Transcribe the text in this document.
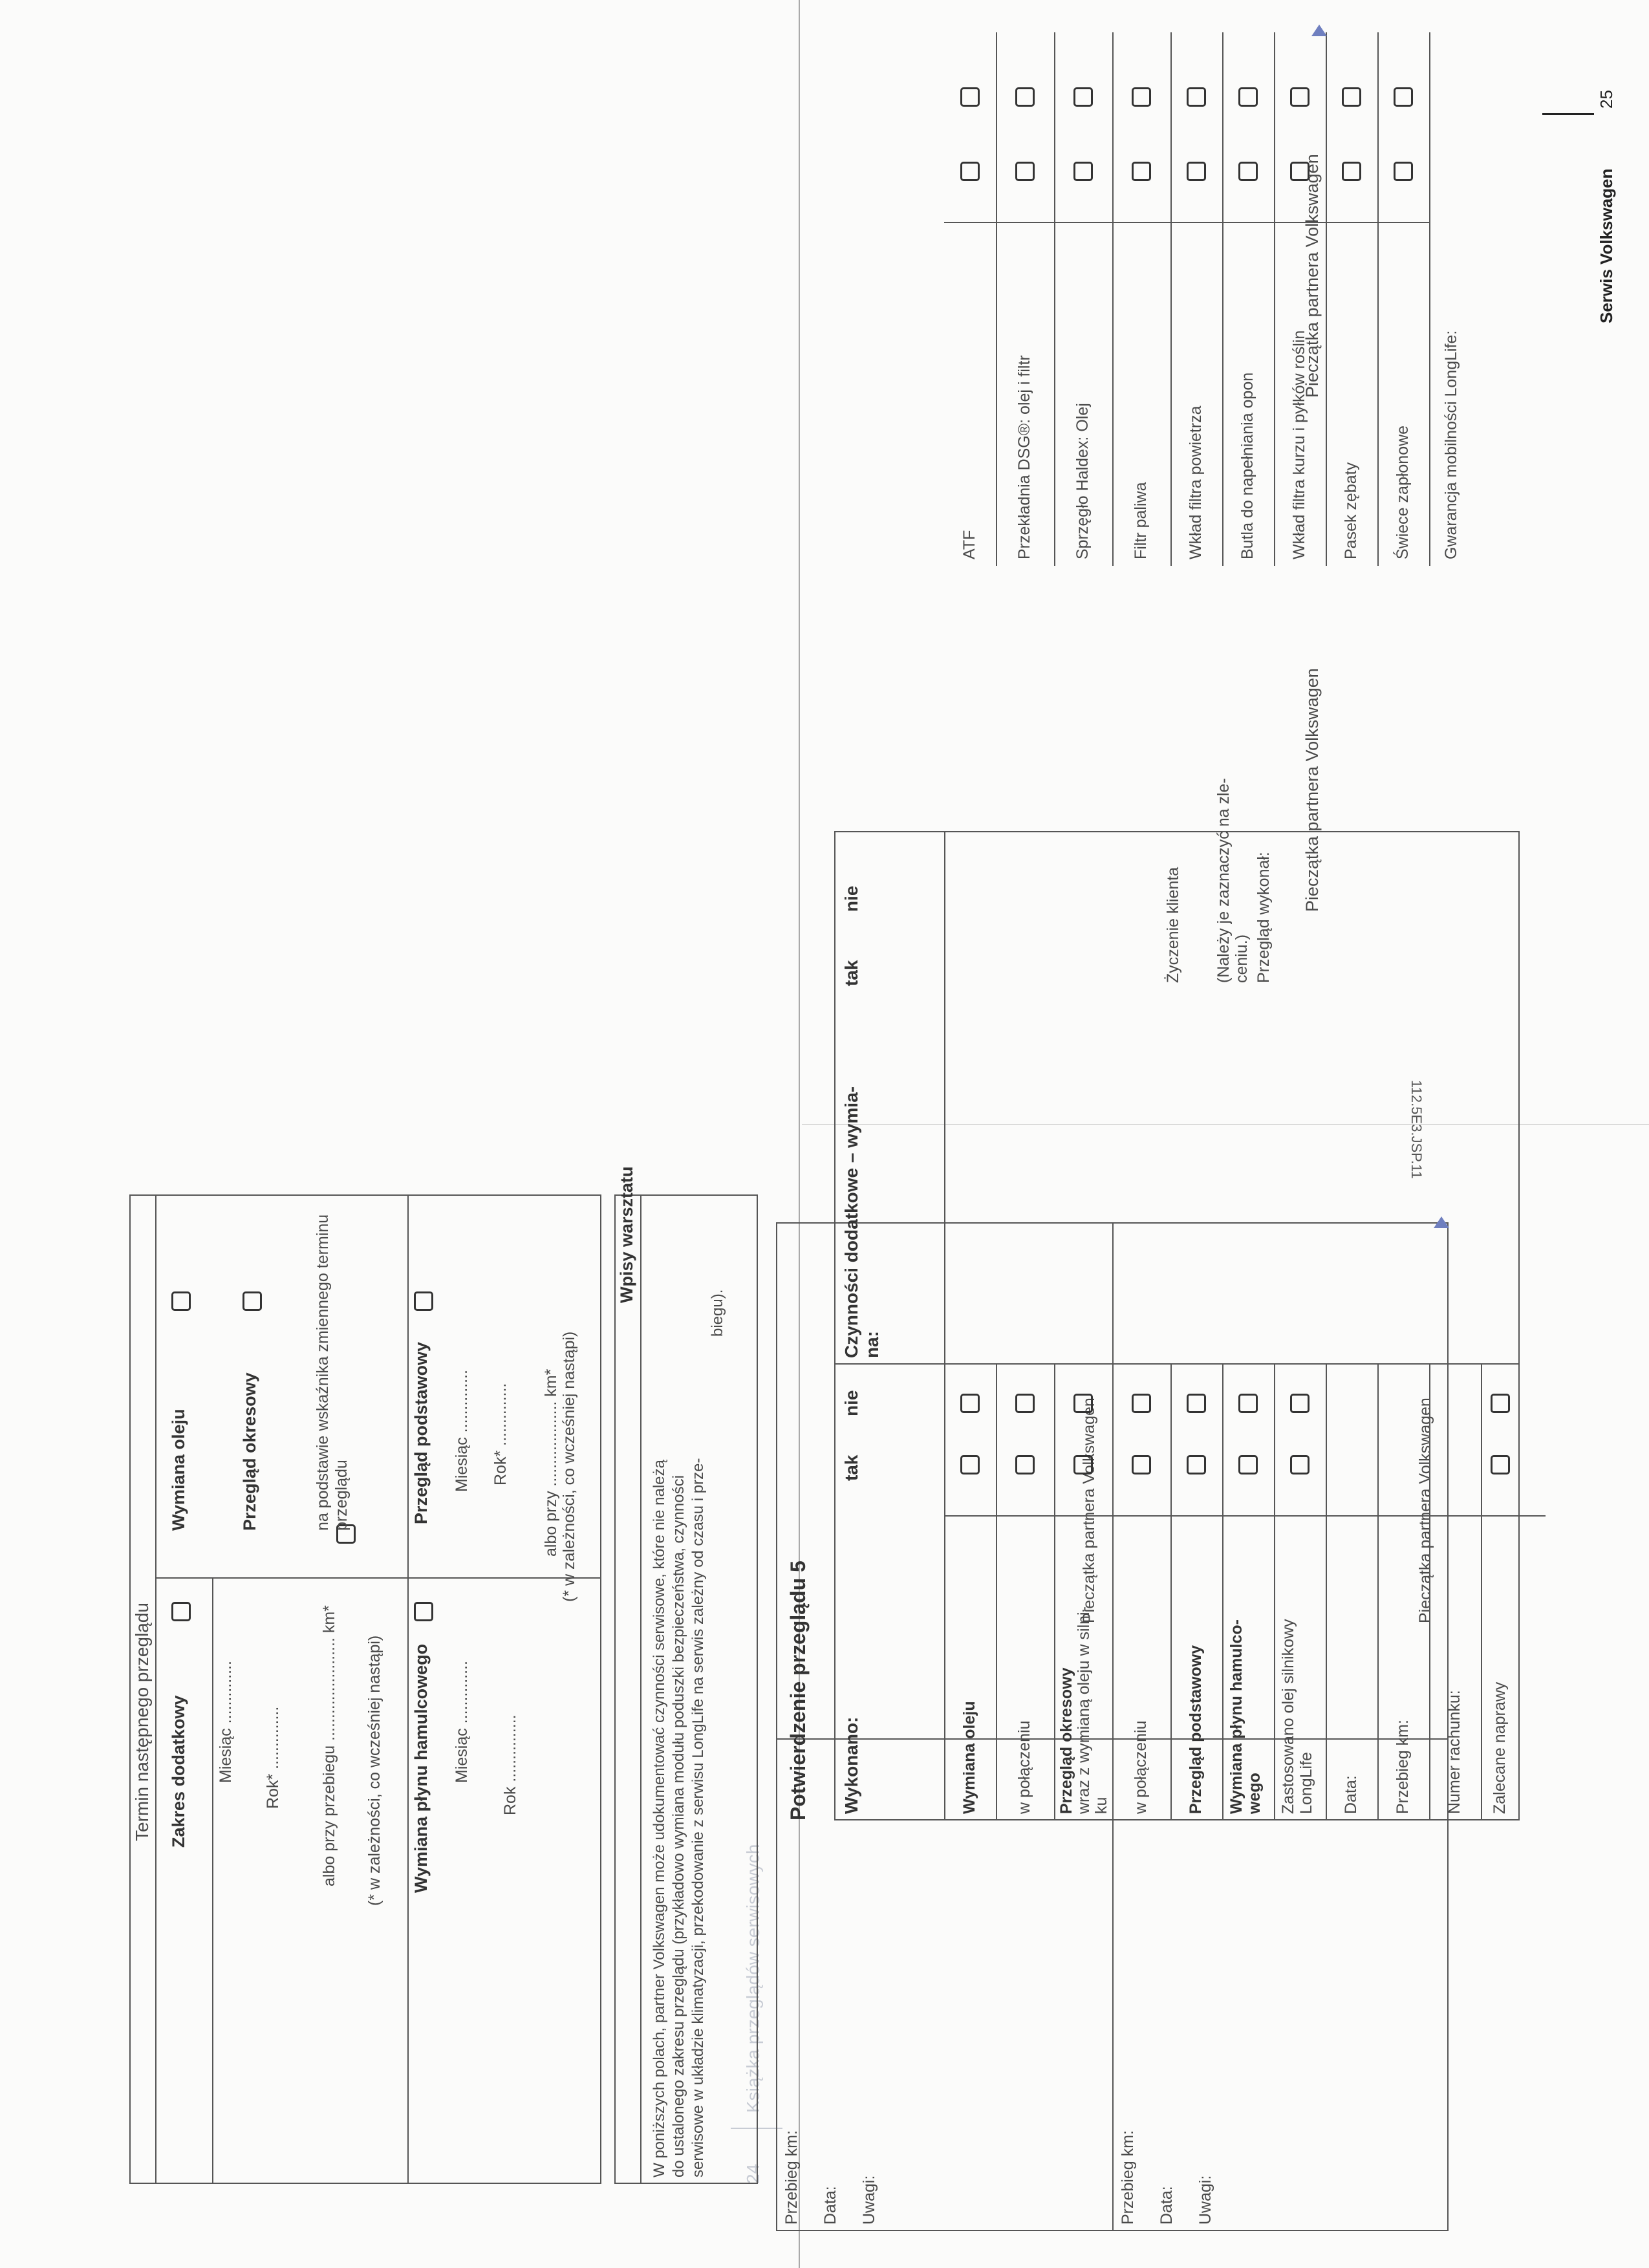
24
Książka przeglądów serwisowych
Termin następnego przeglądu
Wymiana oleju	Przegląd okresowy	na podstawie wskaźnika zmiennego terminu przeglądu
Zakres dodatkowy Miesiąc .............. Rok* .............. albo przy przebiegu ....................... km* (* w zależności, co wcześniej nastąpi)
Przegląd podstawowy Miesiąc .............. Rok* .............. albo przy ................... km* (* w zależności, co wcześniej nastąpi)
Wymiana płynu hamulcowego Miesiąc .............. Rok ...............
Wpisy warsztatu
W poniższych polach, partner Volkswagen może udokumentować czynności serwisowe, które nie należą do ustalonego zakresu przeglądu (przykładowo wymiana modułu poduszki bezpieczeństwa, czynności serwisowe w układzie klimatyzacji, przekodowanie z serwisu LongLife na serwis zależny od czasu i prze-
biegu).
Przebieg km: Data: Uwagi:
Pieczątka partnera Volkswagen
Przebieg km: Data: Uwagi:
Pieczątka partnera Volkswagen
Potwierdzenie przeglądu 5 Wykonano:
tak
nie
Czynności dodatkowe – wymia- na:
tak
nie
Wymiana oleju w połączeniu Przegląd okresowy wraz z wymianą oleju w silni- ku w połączeniu Przegląd podstawowy Wymiana płynu hamulco- wego Zastosowano olej silnikowy LongLife Data: Przebieg km: Numer rachunku: Zalecane naprawy
ATF Przekładnia DSG®: olej i filtr Sprzęgło Haldex: Olej Filtr paliwa Wkład filtra powietrza Butla do napełniania opon Wkład filtra kurzu i pyłków roślin Pasek zębaty Świece zapłonowe Gwarancja mobilności LongLife:
Pieczątka partnera Volkswagen
Pieczątka partnera Volkswagen
Życzenie klienta (Należy je zaznaczyć na zle- ceniu.) Przegląd wykonał:
Serwis Volkswagen
25
112.5E3.JSP.11
